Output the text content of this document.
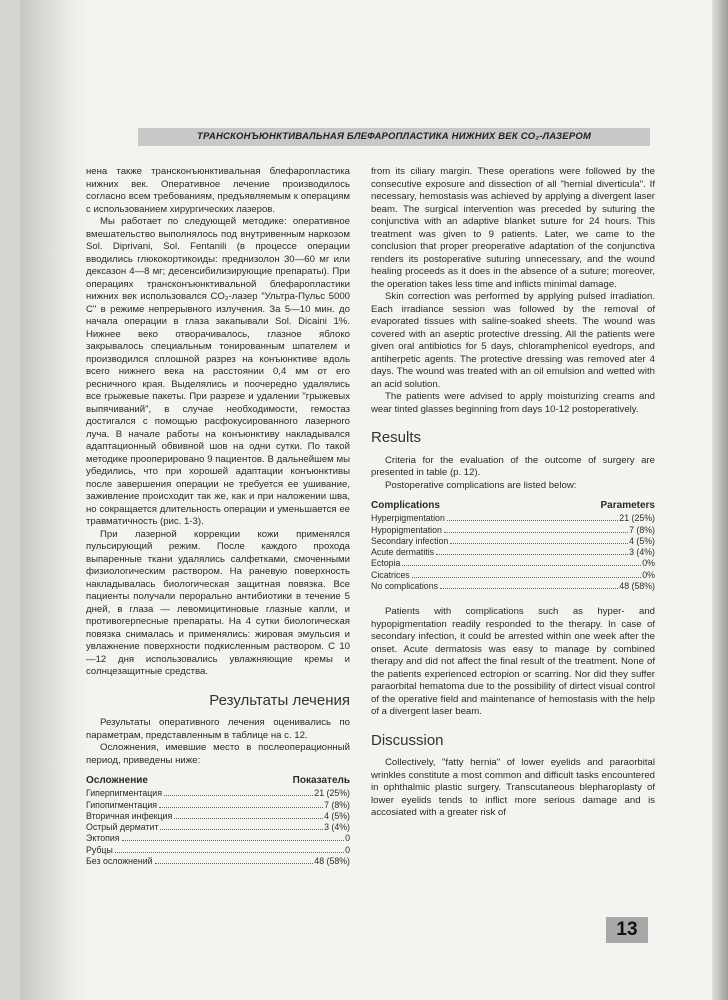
ТРАНСКОНЪЮНКТИВАЛЬНАЯ БЛЕФАРОПЛАСТИКА НИЖНИХ ВЕК CO₂-ЛАЗЕРОМ

нена также трансконъюнктивальная блефаропластика нижних век. Оперативное лечение производилось согласно всем требованиям, предъявляемым к операциям с использованием хирургических лазеров.

Мы работает по следующей методике: оперативное вмешательство выполнялось под внутривенным наркозом Sol. Diprivani, Sol. Fentanili (в процессе операции вводились глюкокортикоиды: преднизолон 30—60 мг или дексазон 4—8 мг; десенсибилизирующие препараты). При операциях трансконъюнктивальной блефаропластики нижних век использовался CO₂-лазер "Ультра-Пульс 5000 С" в режиме непрерывного излучения. За 5—10 мин. до начала операции в глаза закапывали Sol. Dicaini 1%. Нижнее веко отворачивалось, глазное яблоко закрывалось специальным тонированным шпателем и производился сплошной разрез на конъюнктиве вдоль всего нижнего века на расстоянии 0,4 мм от его ресничного края. Выделялись и поочередно удалялись все грыжевые пакеты. При разрезе и удалении "грыжевых выпячиваний", в случае необходимости, гемостаз достигался с помощью расфокусированного лазерного луча. В начале работы на конъюнктиву накладывался адаптационный обвивной шов на одни сутки. По такой методике прооперировано 9 пациентов. В дальнейшем мы убедились, что при хорошей адаптации конъюнктивы после завершения операции не требуется ее ушивание, заживление происходит так же, как и при наложении шва, но сокращается длительность операции и уменьшается ее травматичность (рис. 1-3).

При лазерной коррекции кожи применялся пульсирующий режим. После каждого прохода выпаренные ткани удалялись салфетками, смоченными физиологическим раствором. На раневую поверхность накладывалась биологическая защитная повязка. Все пациенты получали перорально антибиотики в течение 5 дней, в глаза — левомицитиновые глазные капли, и противогерпесные препараты. На 4 сутки биологическая повязка снималась и применялись: жировая эмульсия и увлажнение поверхности подкисленным раствором. С 10—12 дня использовались увлажняющие кремы и солнцезащитные средства.

Результаты лечения

Результаты оперативного лечения оценивались по параметрам, представленным в таблице на с. 12.

Осложнения, имевшие место в послеоперационный период, приведены ниже:

Осложнение	Показатель
Гиперпигментация	21 (25%)
Гипопигментация	7 (8%)
Вторичная инфекция	4 (5%)
Острый дерматит	3 (4%)
Эктопия	0
Рубцы	0
Без осложнений	48 (58%)

from its ciliary margin. These operations were followed by the consecutive exposure and dissection of all "hernial diverticula". If necessary, hemostasis was achieved by applying a divergent laser beam. The surgical intervention was preceded by suturing the conjunctiva with an adaptive blanket suture for 24 hours. This treatment was given to 9 patients. Later, we came to the conclusion that proper preoperative adaptation of the conjunctiva renders its postoperative suturing unnecessary, and the wound healing proceeds as it does in the absence of a suture; moreover, the operation takes less time and inflicts minimal damage.

Skin correction was performed by applying pulsed irradiation. Each irradiance session was followed by the removal of evaporated tissues with saline-soaked sheets. The wound was covered with an aseptic protective dressing. All the patients were given oral antibiotics for 5 days, chloramphenicol eyedrops, and antiherpetic agents. The protective dressing was removed ater 4 days. The wound was treated with an oil emulsion and wetted with an acid solution.

The patients were advised to apply moisturizing creams and wear tinted glasses beginning from days 10-12 postoperatively.

Results

Criteria for the evaluation of the outcome of surgery are presented in table (p. 12).

Postoperative complications are listed below:

Complications	Parameters
Hyperpigmentation	21 (25%)
Hypopigmentation	7 (8%)
Secondary infection	4 (5%)
Acute dermatitis	3 (4%)
Ectopia	0%
Cicatrices	0%
No complications	48 (58%)

Patients with complications such as hyper- and hypopigmentation readily responded to the therapy. In case of secondary infection, it could be arrested within one week after the onset. Acute dermatosis was easy to manage by combined therapy and did not affect the final result of the treatment. None of the patients experienced ectropion or scarring. Nor did they suffer paraorbital hematoma due to the possibility of dirtect visual control of the operative field and maintenance of hemostasis with the help of a divergent laser beam.

Discussion

Collectively, "fatty hernia" of lower eyelids and paraorbital wrinkles constitute a most common and difficult tasks encountered in ophthalmic plastic surgery. Transcutaneous blepharoplasty of lower eyelids tends to inflict more serious damage and is accosiated with a greater risk of

13
